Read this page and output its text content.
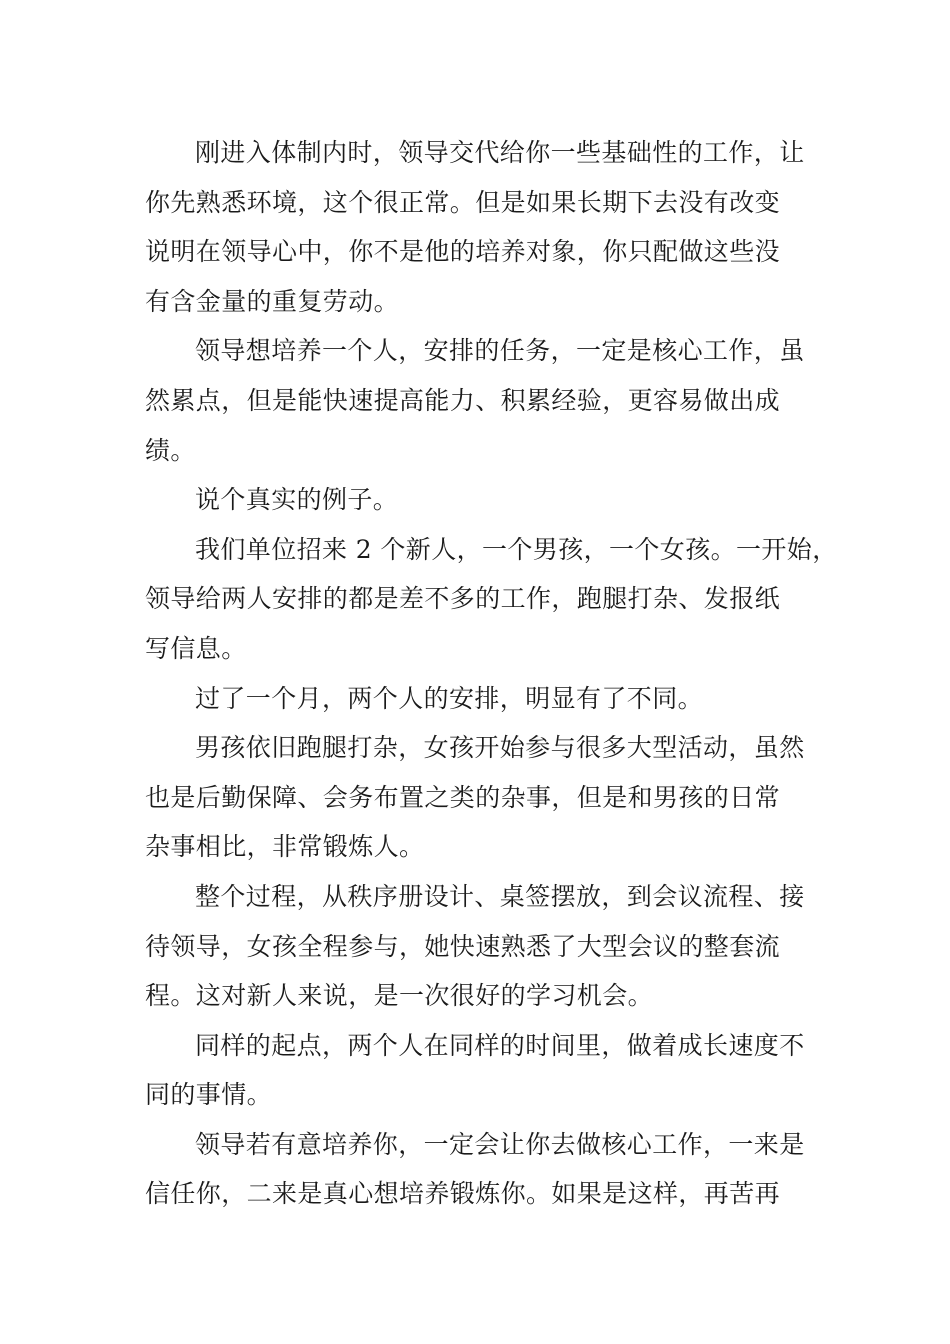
刚进入体制内时，领导交代给你一些基础性的工作，让
你先熟悉环境，这个很正常。但是如果长期下去没有改变
说明在领导心中，你不是他的培养对象，你只配做这些没
有含金量的重复劳动。
领导想培养一个人，安排的任务，一定是核心工作，虽
然累点，但是能快速提高能力、积累经验，更容易做出成
绩。
说个真实的例子。
我们单位招来 2 个新人，一个男孩，一个女孩。一开始，
领导给两人安排的都是差不多的工作，跑腿打杂、发报纸
写信息。
过了一个月，两个人的安排，明显有了不同。
男孩依旧跑腿打杂，女孩开始参与很多大型活动，虽然
也是后勤保障、会务布置之类的杂事，但是和男孩的日常
杂事相比，非常锻炼人。
整个过程，从秩序册设计、桌签摆放，到会议流程、接
待领导，女孩全程参与，她快速熟悉了大型会议的整套流
程。这对新人来说，是一次很好的学习机会。
同样的起点，两个人在同样的时间里，做着成长速度不
同的事情。
领导若有意培养你，一定会让你去做核心工作，一来是
信任你，二来是真心想培养锻炼你。如果是这样，再苦再
